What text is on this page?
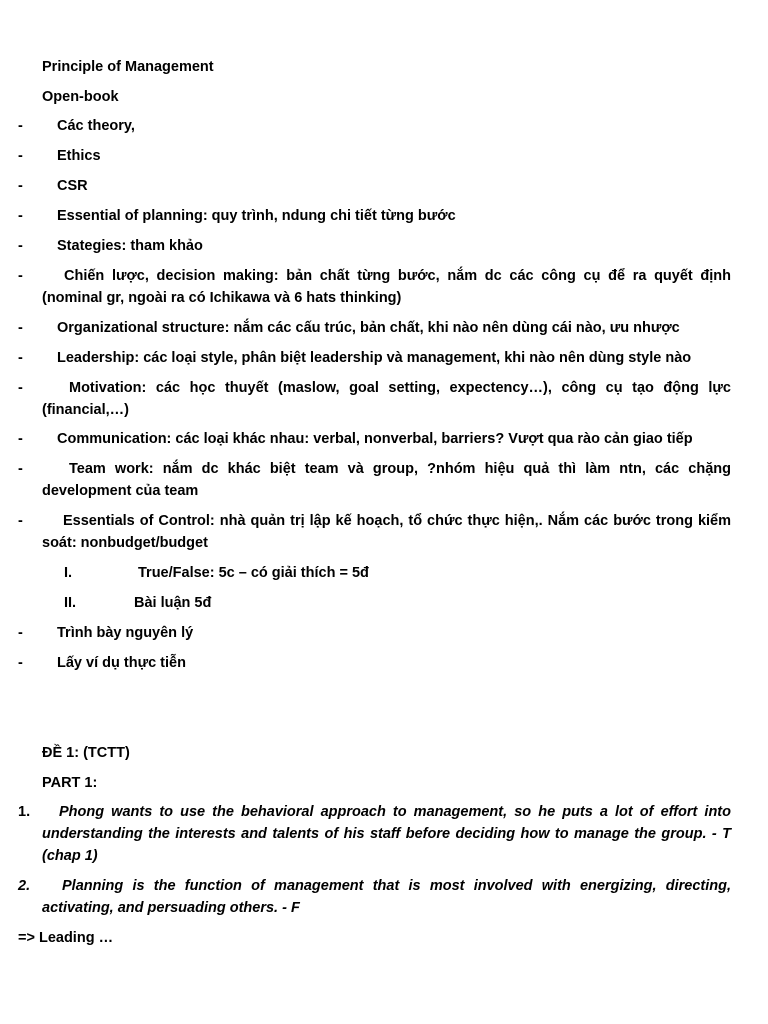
Principle of Management
Open-book
-	Các theory,
-	Ethics
-	CSR
-	Essential of planning: quy trình, ndung chi tiết từng bước
-	Stategies: tham khảo
-	Chiến lược, decision making: bản chất từng bước, nắm dc các công cụ để ra quyết định (nominal gr, ngoài ra có Ichikawa và 6 hats thinking)
-	Organizational structure: nắm các cấu trúc, bản chất, khi nào nên dùng cái nào, ưu nhược
-	Leadership: các loại style, phân biệt leadership và management, khi nào nên dùng style nào
-	Motivation: các học thuyết (maslow, goal setting, expectency…), công cụ tạo động lực (financial,…)
-	Communication: các loại khác nhau: verbal, nonverbal, barriers? Vượt qua rào cản giao tiếp
-	Team work: nắm dc khác biệt team và group, ?nhóm hiệu quả thì làm ntn, các chặng development của team
-	Essentials of Control: nhà quản trị lập kế hoạch, tổ chức thực hiện,. Nắm các bước trong kiểm soát: nonbudget/budget
I.	True/False: 5c – có giải thích = 5đ
II.	Bài luận 5đ
-	Trình bày nguyên lý
-	Lấy ví dụ thực tiễn
ĐỀ 1: (TCTT)
PART 1:
1.	Phong wants to use the behavioral approach to management, so he puts a lot of effort into understanding the interests and talents of his staff before deciding how to manage the group. - T (chap 1)
2.	Planning is the function of management that is most involved with energizing, directing, activating, and persuading others. - F
=> Leading …
